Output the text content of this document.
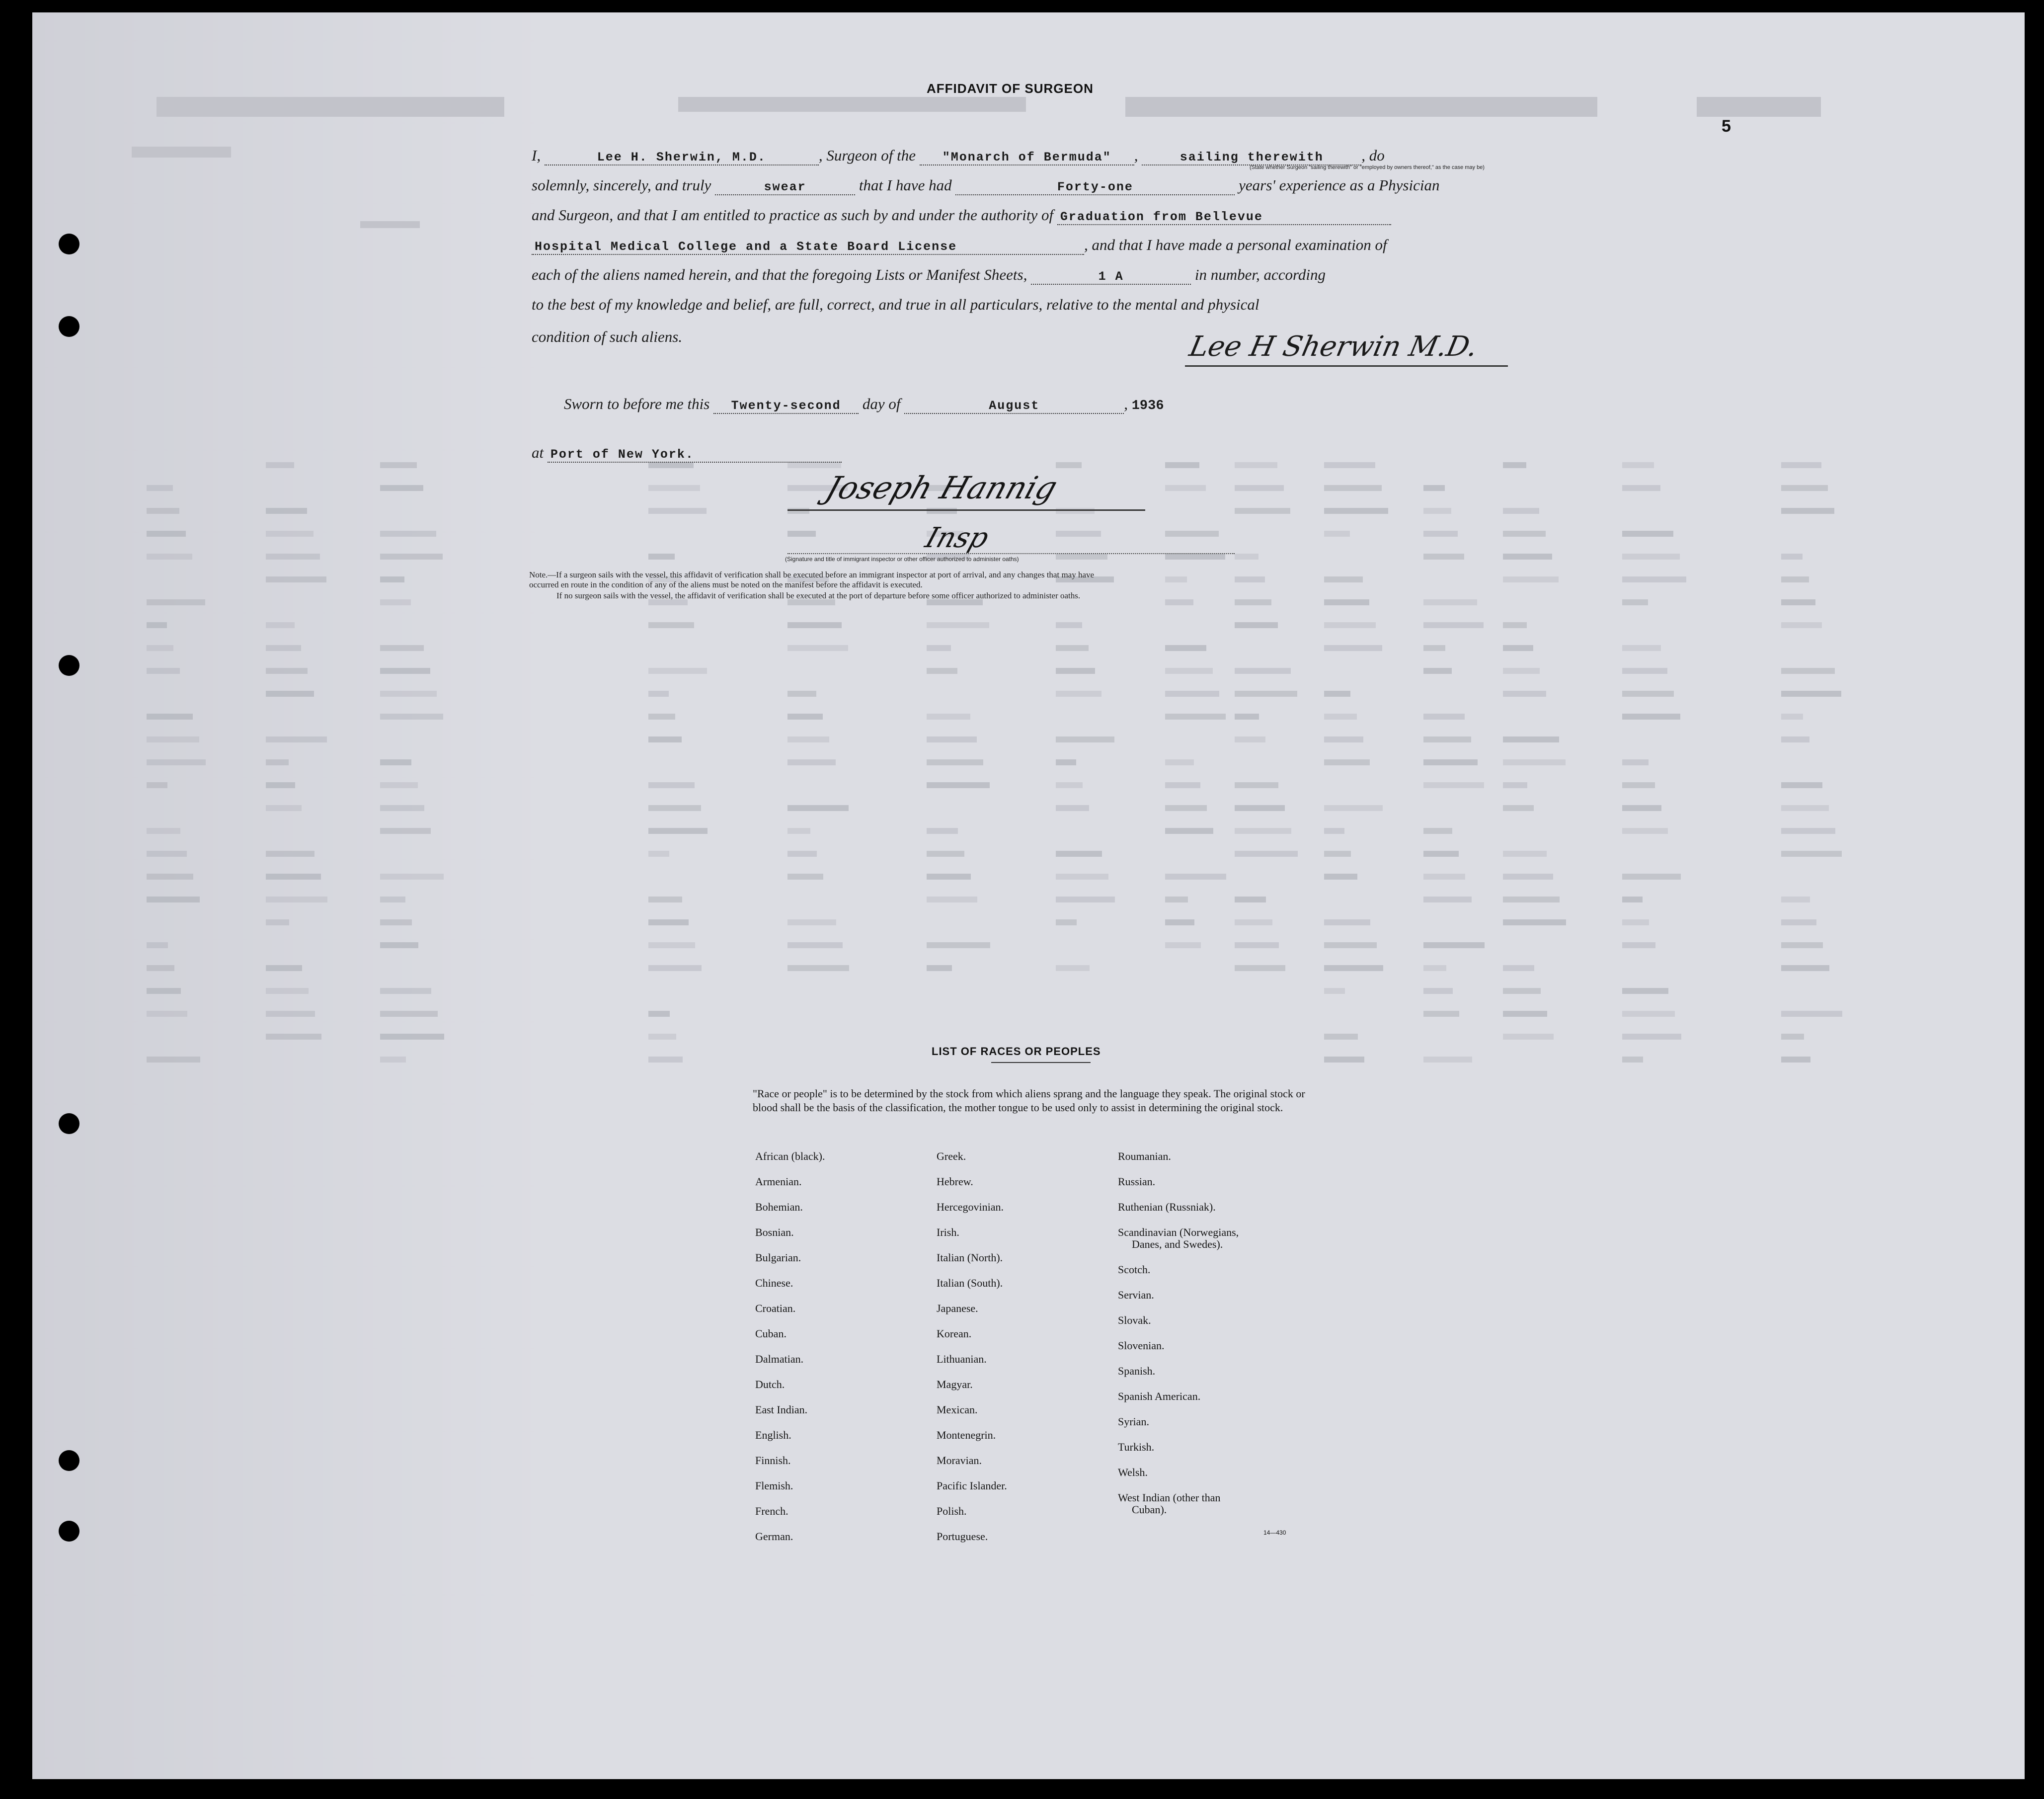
AFFIDAVIT OF SURGEON
5
I,	Lee H. Sherwin, M.D.	, Surgeon of the "Monarch of Bermuda" ,	sailing therewith , do
(State whether Surgeon "sailing therewith" or "employed by owners thereof," as the case may be)
solemnly, sincerely, and truly	swear	that I have had	Forty-one	years' experience as a Physician
and Surgeon, and that I am entitled to practice as such by and under the authority of Graduation from Bellevue
Hospital Medical College and a State Board License	, and that I have made a personal examination of
each of the aliens named herein, and that the foregoing Lists or Manifest Sheets,	1 A	in number, according
to the best of my knowledge and belief, are full, correct, and true in all particulars, relative to the mental and physical
condition of such aliens.	Lee H Sherwin M.D.
Sworn to before me this Twenty-second day of	August	, 1936
at Port of New York.
Joseph Hannig
Insp
(Signature and title of immigrant inspector or other officer authorized to administer oaths)
Note.—If a surgeon sails with the vessel, this affidavit of verification shall be executed before an immigrant inspector at port of arrival, and any changes that may have
occurred en route in the condition of any of the aliens must be noted on the manifest before the affidavit is executed.
If no surgeon sails with the vessel, the affidavit of verification shall be executed at the port of departure before some officer authorized to administer oaths.
LIST OF RACES OR PEOPLES
"Race or people" is to be determined by the stock from which aliens sprang and the language they speak. The original stock or blood shall be the basis of the classification, the mother tongue to be used only to assist in determining the original stock.
African (black).
Armenian.
Bohemian.
Bosnian.
Bulgarian.
Chinese.
Croatian.
Cuban.
Dalmatian.
Dutch.
East Indian.
English.
Finnish.
Flemish.
French.
German.
Greek.
Hebrew.
Hercegovinian.
Irish.
Italian (North).
Italian (South).
Japanese.
Korean.
Lithuanian.
Magyar.
Mexican.
Montenegrin.
Moravian.
Pacific Islander.
Polish.
Portuguese.
Roumanian.
Russian.
Ruthenian (Russniak).
Scandinavian (Norwegians,
Danes, and Swedes).
Scotch.
Servian.
Slovak.
Slovenian.
Spanish.
Spanish American.
Syrian.
Turkish.
Welsh.
West Indian (other than
Cuban).
14—430
